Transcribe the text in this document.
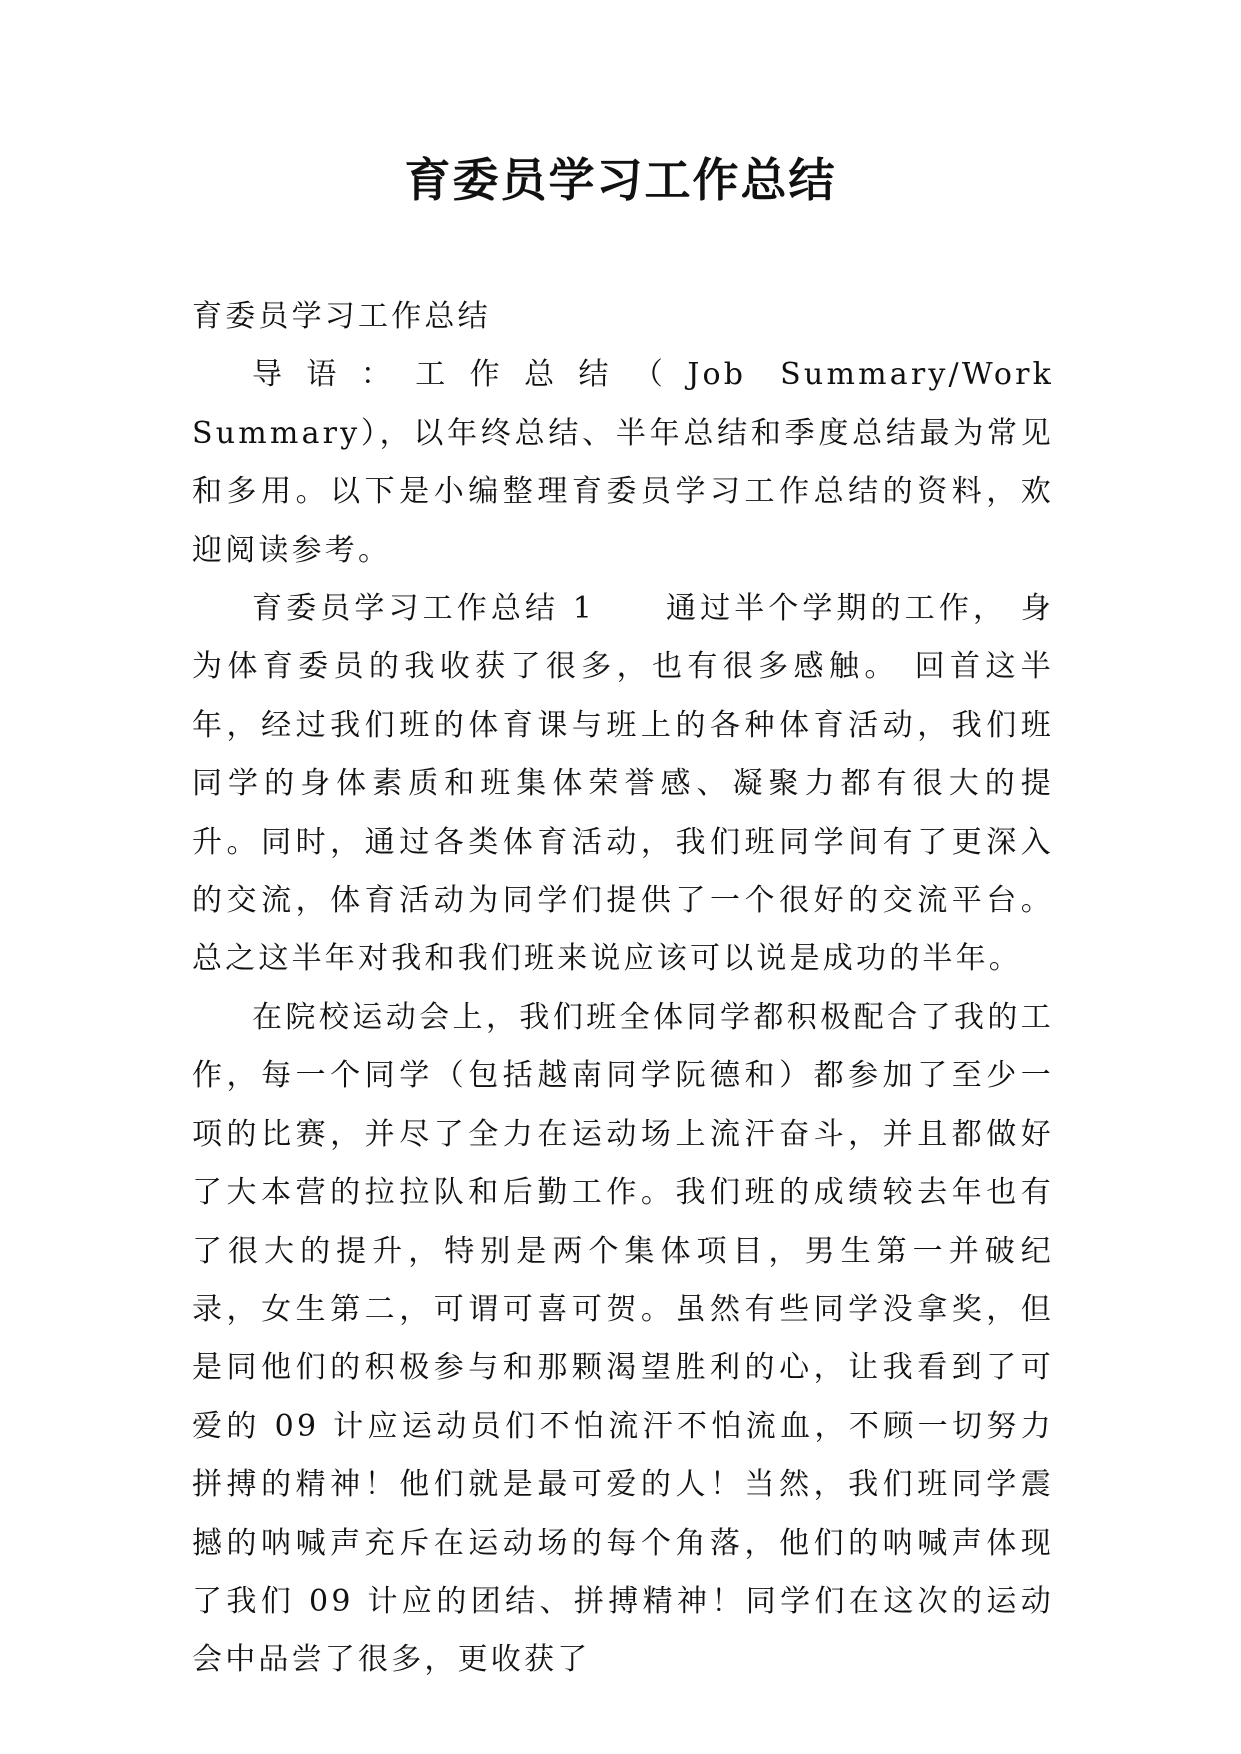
育委员学习工作总结

育委员学习工作总结

导语：工作总结（Job Summary/Work Summary），以年终总结、半年总结和季度总结最为常见和多用。以下是小编整理育委员学习工作总结的资料，欢迎阅读参考。

育委员学习工作总结 1 通过半个学期的工作， 身为体育委员的我收获了很多，也有很多感触。 回首这半年，经过我们班的体育课与班上的各种体育活动，我们班同学的身体素质和班集体荣誉感、凝聚力都有很大的提升。同时，通过各类体育活动，我们班同学间有了更深入的交流，体育活动为同学们提供了一个很好的交流平台。总之这半年对我和我们班来说应该可以说是成功的半年。

在院校运动会上，我们班全体同学都积极配合了我的工作，每一个同学（包括越南同学阮德和）都参加了至少一项的比赛，并尽了全力在运动场上流汗奋斗，并且都做好了大本营的拉拉队和后勤工作。我们班的成绩较去年也有了很大的提升，特别是两个集体项目，男生第一并破纪录，女生第二，可谓可喜可贺。虽然有些同学没拿奖，但是同他们的积极参与和那颗渴望胜利的心，让我看到了可爱的 09 计应运动员们不怕流汗不怕流血，不顾一切努力拼搏的精神！他们就是最可爱的人！当然，我们班同学震撼的呐喊声充斥在运动场的每个角落，他们的呐喊声体现了我们 09 计应的团结、拼搏精神！同学们在这次的运动会中品尝了很多，更收获了
